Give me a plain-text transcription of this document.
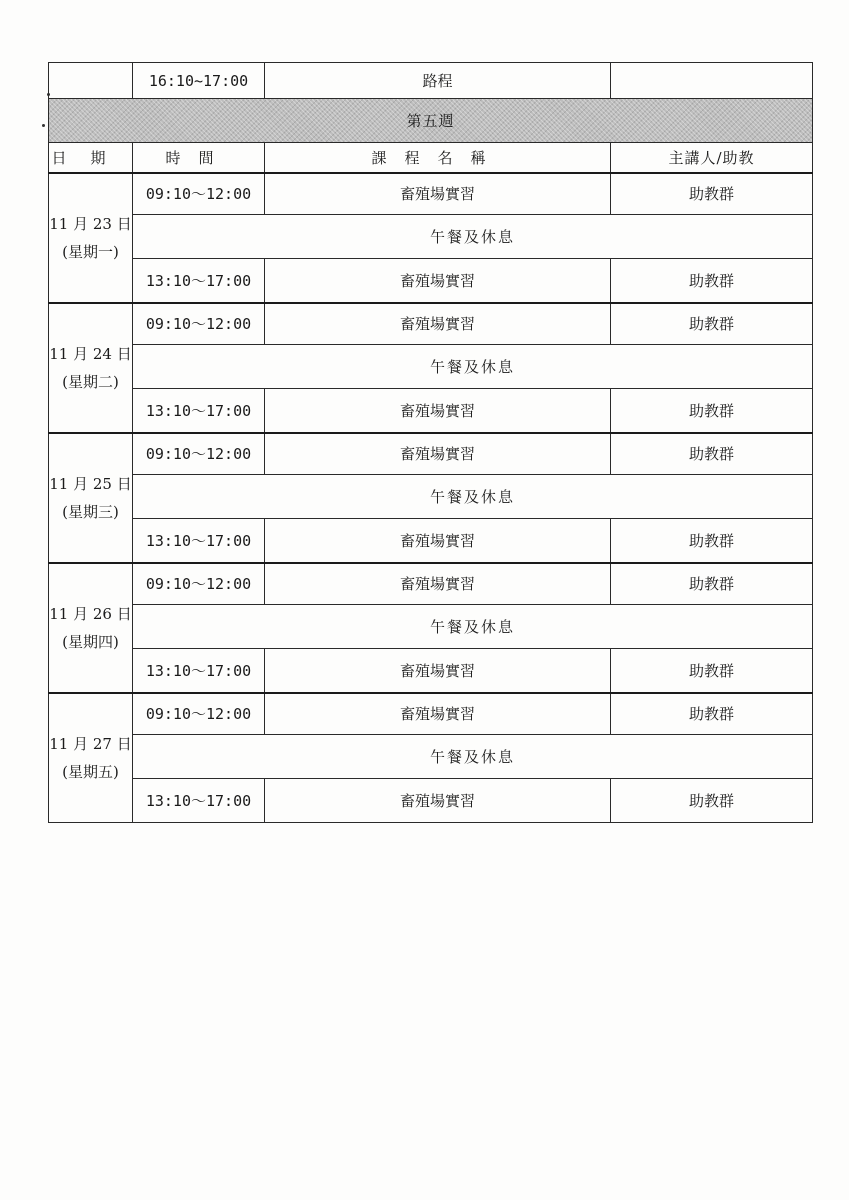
	16:10~17:00	路程	
第五週			
日期	時間	課程名稱	主講人/助教

11 月 23 日
(星期一)	09:10～12:00	畜殖場實習	助教群
	午餐及休息		
	13:10～17:00	畜殖場實習	助教群

11 月 24 日
(星期二)	09:10～12:00	畜殖場實習	助教群
	午餐及休息		
	13:10～17:00	畜殖場實習	助教群

11 月 25 日
(星期三)	09:10～12:00	畜殖場實習	助教群
	午餐及休息		
	13:10～17:00	畜殖場實習	助教群

11 月 26 日
(星期四)	09:10～12:00	畜殖場實習	助教群
	午餐及休息		
	13:10～17:00	畜殖場實習	助教群

11 月 27 日
(星期五)	09:10～12:00	畜殖場實習	助教群
	午餐及休息		
	13:10～17:00	畜殖場實習	助教群
